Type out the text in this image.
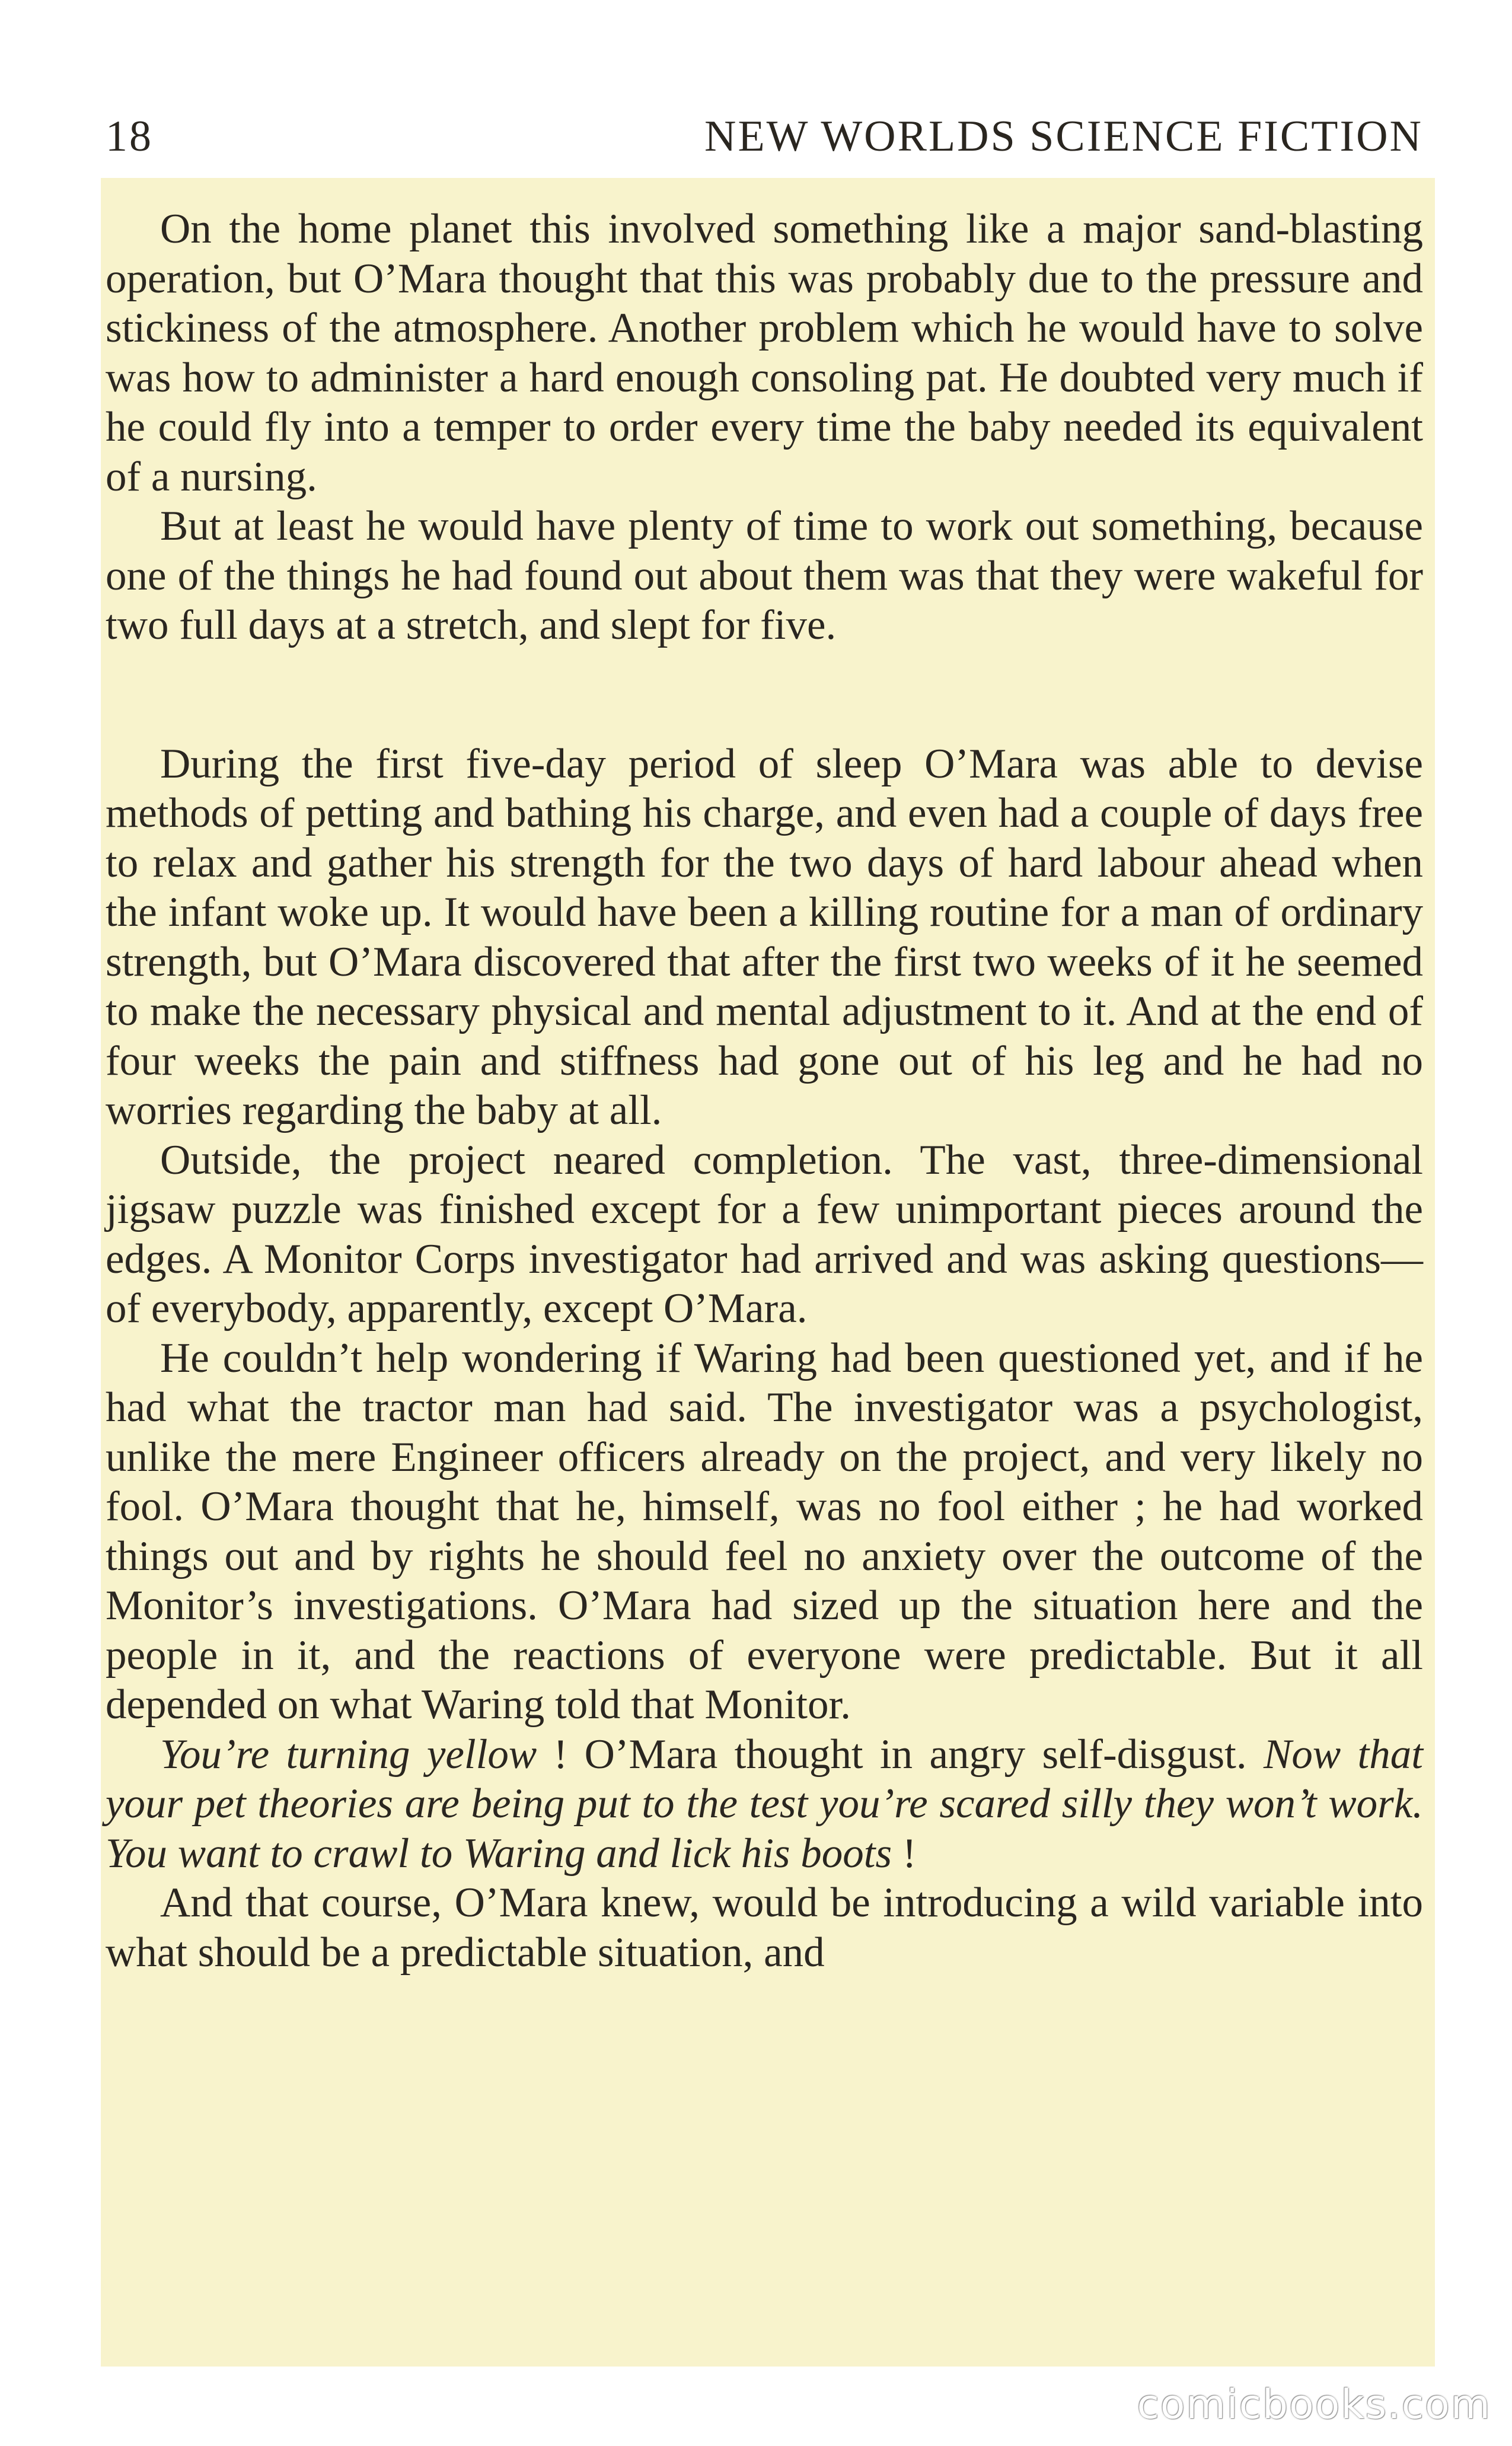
18	NEW WORLDS SCIENCE FICTION

On the home planet this involved something like a major sand-blasting operation, but O’Mara thought that this was probably due to the pressure and stickiness of the atmosphere. Another problem which he would have to solve was how to administer a hard enough consoling pat. He doubted very much if he could fly into a temper to order every time the baby needed its equivalent of a nursing.

But at least he would have plenty of time to work out something, because one of the things he had found out about them was that they were wakeful for two full days at a stretch, and slept for five.

During the first five-day period of sleep O’Mara was able to devise methods of petting and bathing his charge, and even had a couple of days free to relax and gather his strength for the two days of hard labour ahead when the infant woke up. It would have been a killing routine for a man of ordinary strength, but O’Mara discovered that after the first two weeks of it he seemed to make the necessary physical and mental adjustment to it. And at the end of four weeks the pain and stiffness had gone out of his leg and he had no worries regarding the baby at all.

Outside, the project neared completion. The vast, three-dimensional jigsaw puzzle was finished except for a few unimportant pieces around the edges. A Monitor Corps investigator had arrived and was asking questions—of everybody, apparently, except O’Mara.

He couldn’t help wondering if Waring had been questioned yet, and if he had what the tractor man had said. The investigator was a psychologist, unlike the mere Engineer officers already on the project, and very likely no fool. O’Mara thought that he, himself, was no fool either ; he had worked things out and by rights he should feel no anxiety over the outcome of the Monitor’s investigations. O’Mara had sized up the situation here and the people in it, and the reactions of everyone were predictable. But it all depended on what Waring told that Monitor.

You’re turning yellow ! O’Mara thought in angry self-disgust. Now that your pet theories are being put to the test you’re scared silly they won’t work. You want to crawl to Waring and lick his boots !

And that course, O’Mara knew, would be introducing a wild variable into what should be a predictable situation, and

comicbooks.com
